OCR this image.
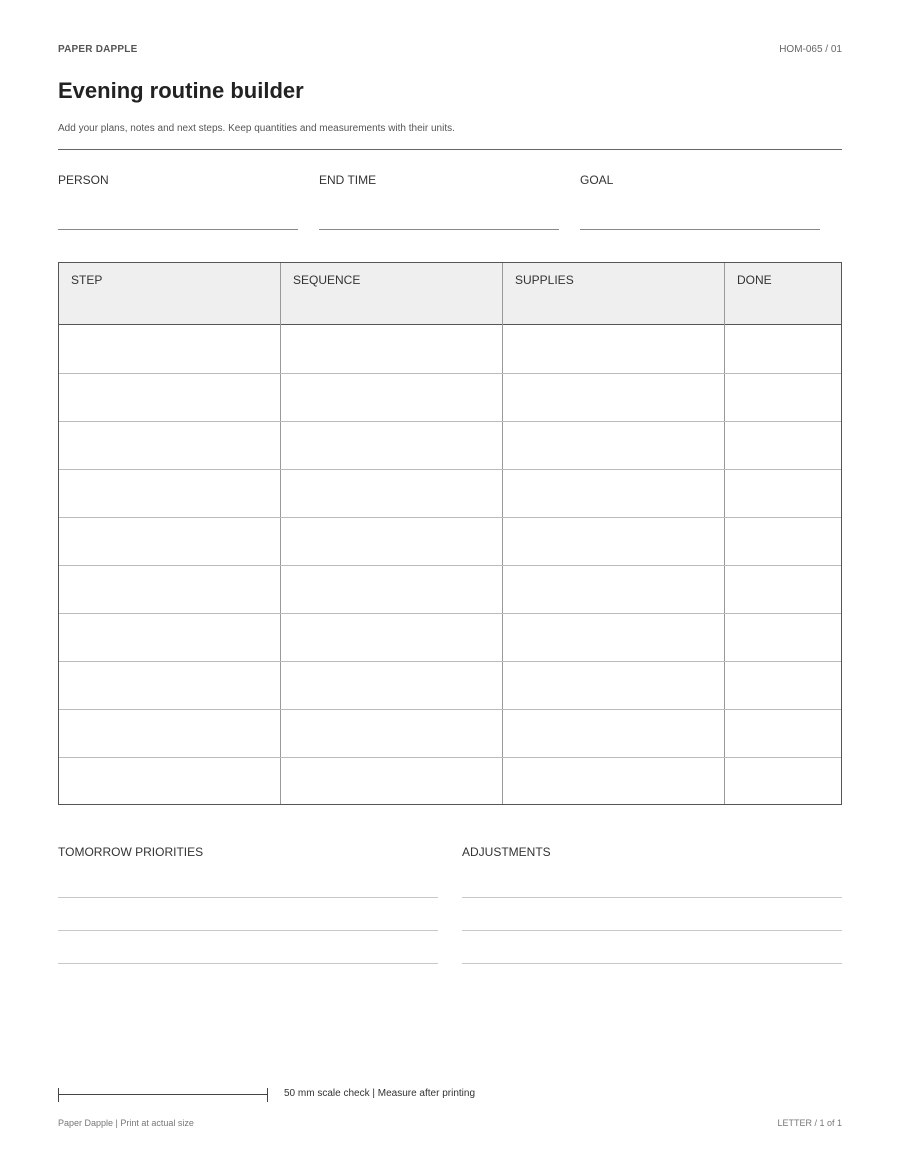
PAPER DAPPLE	HOM-065 / 01
Evening routine builder
Add your plans, notes and next steps. Keep quantities and measurements with their units.
PERSON	END TIME	GOAL
STEP	SEQUENCE	SUPPLIES	DONE
TOMORROW PRIORITIES	ADJUSTMENTS
50 mm scale check | Measure after printing
Paper Dapple | Print at actual size	LETTER / 1 of 1
